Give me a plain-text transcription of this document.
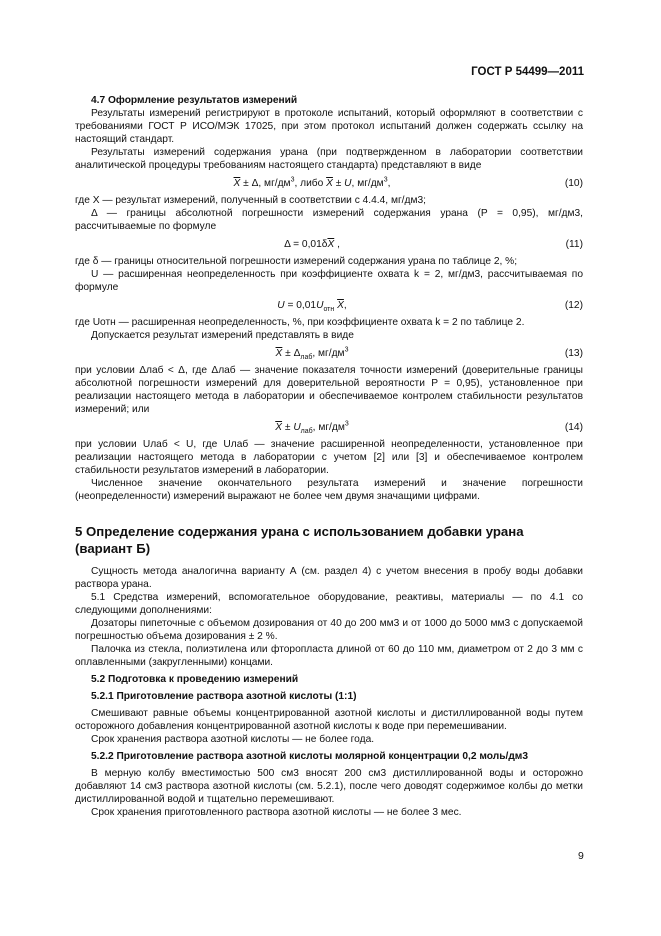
ГОСТ Р 54499—2011

4.7 Оформление результатов измерений

Результаты измерений регистрируют в протоколе испытаний, который оформляют в соответствии с требованиями ГОСТ Р ИСО/МЭК 17025, при этом протокол испытаний должен содержать ссылку на настоящий стандарт.

Результаты измерений содержания урана (при подтвержденном в лаборатории соответствии аналитической процедуры требованиям настоящего стандарта) представляют в виде

$\overline{X} \pm \Delta$, $мг/дм^3$, либо $\overline{X} \pm U$, $мг/дм^3$,	(10)

где X — результат измерений, полученный в соответствии с 4.4.4, мг/дм3;

Δ — границы абсолютной погрешности измерений содержания урана (P = 0,95), мг/дм3, рассчитываемые по формуле

$\Delta = 0,01\delta\overline{X}$ ,	(11)

где δ — границы относительной погрешности измерений содержания урана по таблице 2, %;

U — расширенная неопределенность при коэффициенте охвата k = 2, мг/дм3, рассчитываемая по формуле

$U = 0,01U_{отн}$ $\overline{X}$,	(12)

где Uотн — расширенная неопределенность, %, при коэффициенте охвата k = 2 по таблице 2.

Допускается результат измерений представлять в виде

$\overline{X} \pm \Delta_{лаб}$, $мг/дм^3$	(13)

при условии Δлаб < Δ, где Δлаб — значение показателя точности измерений (доверительные границы абсолютной погрешности измерений для доверительной вероятности P = 0,95), установленное при реализации настоящего метода в лаборатории и обеспечиваемое контролем стабильности результатов измерений; или

$\overline{X} \pm U_{лаб}$, $мг/дм^3$	(14)

при условии Uлаб < U, где Uлаб — значение расширенной неопределенности, установленное при реализации настоящего метода в лаборатории с учетом [2] или [3] и обеспечиваемое контролем стабильности результатов измерений в лаборатории.

Численное значение окончательного результата измерений и значение погрешности (неопределенности) измерений выражают не более чем двумя значащими цифрами.

5 Определение содержания урана с использованием добавки урана (вариант Б)

Сущность метода аналогична варианту А (см. раздел 4) с учетом внесения в пробу воды добавки раствора урана.

5.1 Средства измерений, вспомогательное оборудование, реактивы, материалы — по 4.1 со следующими дополнениями:

Дозаторы пипеточные с объемом дозирования от 40 до 200 мм3 и от 1000 до 5000 мм3 с допускаемой погрешностью объема дозирования ± 2 %.

Палочка из стекла, полиэтилена или фторопласта длиной от 60 до 110 мм, диаметром от 2 до 3 мм с оплавленными (закругленными) концами.

5.2 Подготовка к проведению измерений

5.2.1 Приготовление раствора азотной кислоты (1:1)

Смешивают равные объемы концентрированной азотной кислоты и дистиллированной воды путем осторожного добавления концентрированной азотной кислоты к воде при перемешивании.

Срок хранения раствора азотной кислоты — не более года.

5.2.2 Приготовление раствора азотной кислоты молярной концентрации 0,2 моль/дм3

В мерную колбу вместимостью 500 см3 вносят 200 см3 дистиллированной воды и осторожно добавляют 14 см3 раствора азотной кислоты (см. 5.2.1), после чего доводят содержимое колбы до метки дистиллированной водой и тщательно перемешивают.

Срок хранения приготовленного раствора азотной кислоты — не более 3 мес.

9
